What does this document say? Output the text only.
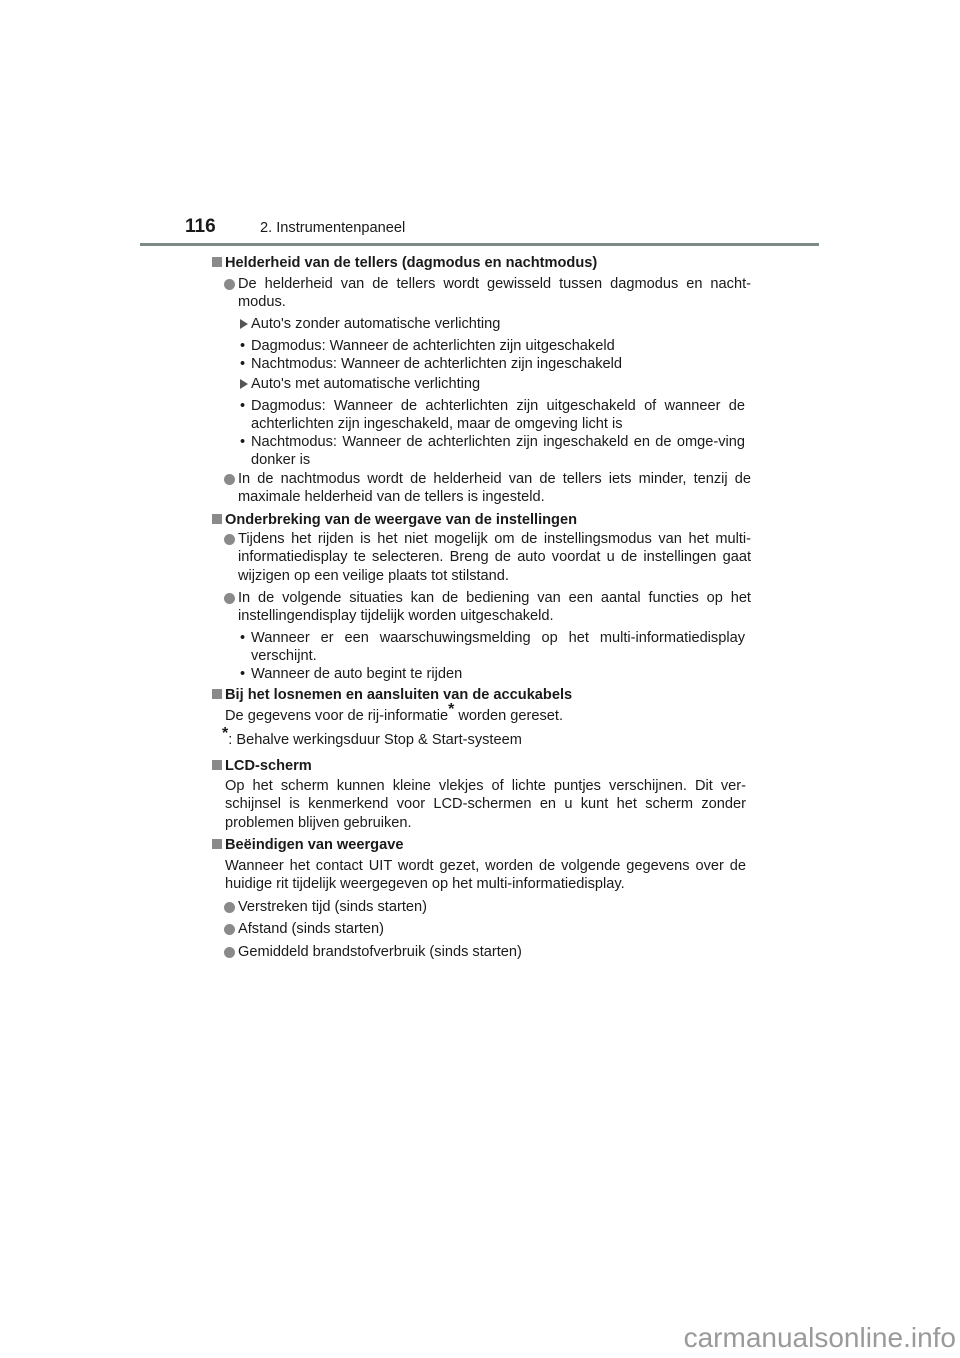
116	2. Instrumentenpaneel
Helderheid van de tellers (dagmodus en nachtmodus)
De helderheid van de tellers wordt gewisseld tussen dagmodus en nacht-modus.
Auto's zonder automatische verlichting
• Dagmodus: Wanneer de achterlichten zijn uitgeschakeld
• Nachtmodus: Wanneer de achterlichten zijn ingeschakeld
Auto's met automatische verlichting
• Dagmodus: Wanneer de achterlichten zijn uitgeschakeld of wanneer de achterlichten zijn ingeschakeld, maar de omgeving licht is
• Nachtmodus: Wanneer de achterlichten zijn ingeschakeld en de omge-ving donker is
In de nachtmodus wordt de helderheid van de tellers iets minder, tenzij de maximale helderheid van de tellers is ingesteld.
Onderbreking van de weergave van de instellingen
Tijdens het rijden is het niet mogelijk om de instellingsmodus van het multi-informatiedisplay te selecteren. Breng de auto voordat u de instellingen gaat wijzigen op een veilige plaats tot stilstand.
In de volgende situaties kan de bediening van een aantal functies op het instellingendisplay tijdelijk worden uitgeschakeld.
• Wanneer er een waarschuwingsmelding op het multi-informatiedisplay verschijnt.
• Wanneer de auto begint te rijden
Bij het losnemen en aansluiten van de accukabels
De gegevens voor de rij-informatie* worden gereset.
*: Behalve werkingsduur Stop & Start-systeem
LCD-scherm
Op het scherm kunnen kleine vlekjes of lichte puntjes verschijnen. Dit ver-schijnsel is kenmerkend voor LCD-schermen en u kunt het scherm zonder problemen blijven gebruiken.
Beëindigen van weergave
Wanneer het contact UIT wordt gezet, worden de volgende gegevens over de huidige rit tijdelijk weergegeven op het multi-informatiedisplay.
Verstreken tijd (sinds starten)
Afstand (sinds starten)
Gemiddeld brandstofverbruik (sinds starten)
carmanualsonline.info
